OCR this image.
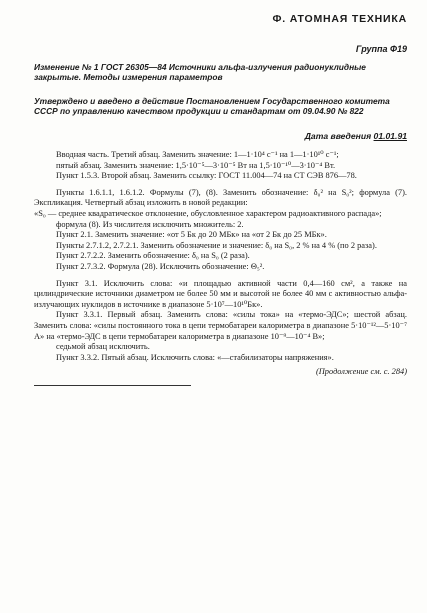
Ф. АТОМНАЯ ТЕХНИКА
Группа Ф19
Изменение № 1 ГОСТ 26305—84 Источники альфа-излучения радионуклидные закрытые. Методы измерения параметров
Утверждено и введено в действие Постановлением Государственного комитета СССР по управлению качеством продукции и стандартам от 09.04.90 № 822
Дата введения 01.01.91

Вводная часть. Третий абзац. Заменить значение: 1—1·10⁴ с⁻¹ на 1—1·10¹⁰ с⁻¹;

пятый абзац. Заменить значение: 1,5·10⁻⁵—3·10⁻⁵ Вт на 1,5·10⁻¹⁰—3·10⁻⁴ Вт.

Пункт 1.5.3. Второй абзац. Заменить ссылку: ГОСТ 11.004—74 на СТ СЭВ 876—78.

Пункты 1.6.1.1, 1.6.1.2. Формулы (7), (8). Заменить обозначение: δ₀² на S₀²; формула (7). Экспликация. Четвертый абзац изложить в новой редакции:

«S₀ — среднее квадратическое отклонение, обусловленное характером радиоактивного распада»;

формула (8). Из числителя исключить множитель: 2.

Пункт 2.1. Заменить значение: «от 5 Бк до 20 МБк» на «от 2 Бк до 25 МБк».

Пункты 2.7.1.2, 2.7.2.1. Заменить обозначение и значение: δ₀ на S₀, 2 % на 4 % (по 2 раза).

Пункт 2.7.2.2. Заменить обозначение: δ₀ на S₀ (2 раза).

Пункт 2.7.3.2. Формула (28). Исключить обозначение: Θ₅².

Пункт 3.1. Исключить слова: «и площадью активной части 0,4—160 см², а также на цилиндрические источники диаметром не более 50 мм и высотой не более 40 мм с активностью альфа-излучающих нуклидов в источнике в диапазоне 5·10⁷—10¹⁰Бк».

Пункт 3.3.1. Первый абзац. Заменить слова: «силы тока» на «термо-ЭДС»; шестой абзац. Заменить слова: «силы постоянного тока в цепи термобатареи калориметра в диапазоне 5·10⁻¹²—5·10⁻⁷ А» на «термо-ЭДС в цепи термобатареи калориметра в диапазоне 10⁻⁹—10⁻⁴ В»;

седьмой абзац исключить.

Пункт 3.3.2. Пятый абзац. Исключить слова: «—стабилизаторы напряжения».

(Продолжение см. с. 284)
